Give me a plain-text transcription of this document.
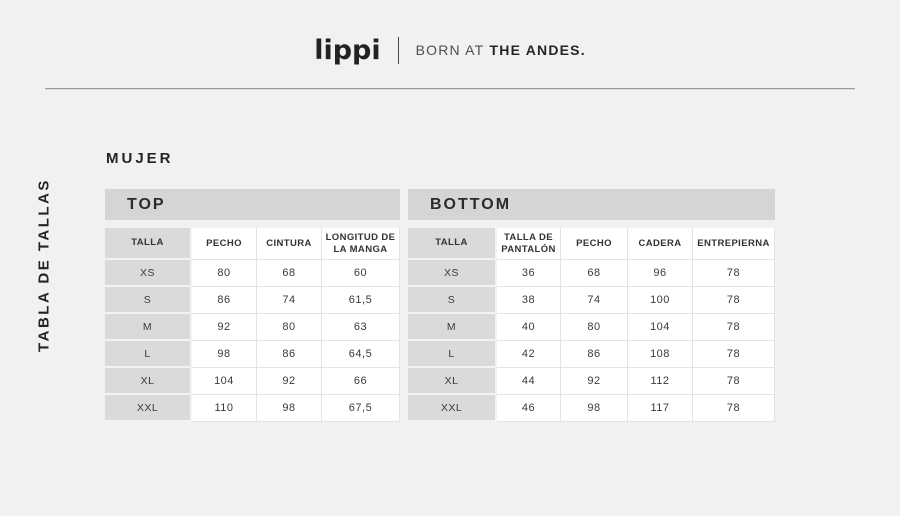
lippi	BORN AT THE ANDES.
TABLA DE TALLAS
MUJER
TOP
TALLA	PECHO	CINTURA	LONGITUD DE LA MANGA
XS	80	68	60
S	86	74	61,5
M	92	80	63
L	98	86	64,5
XL	104	92	66
XXL	110	98	67,5
BOTTOM
TALLA	TALLA DE PANTALÓN	PECHO	CADERA	ENTREPIERNA
XS	36	68	96	78
S	38	74	100	78
M	40	80	104	78
L	42	86	108	78
XL	44	92	112	78
XXL	46	98	117	78
